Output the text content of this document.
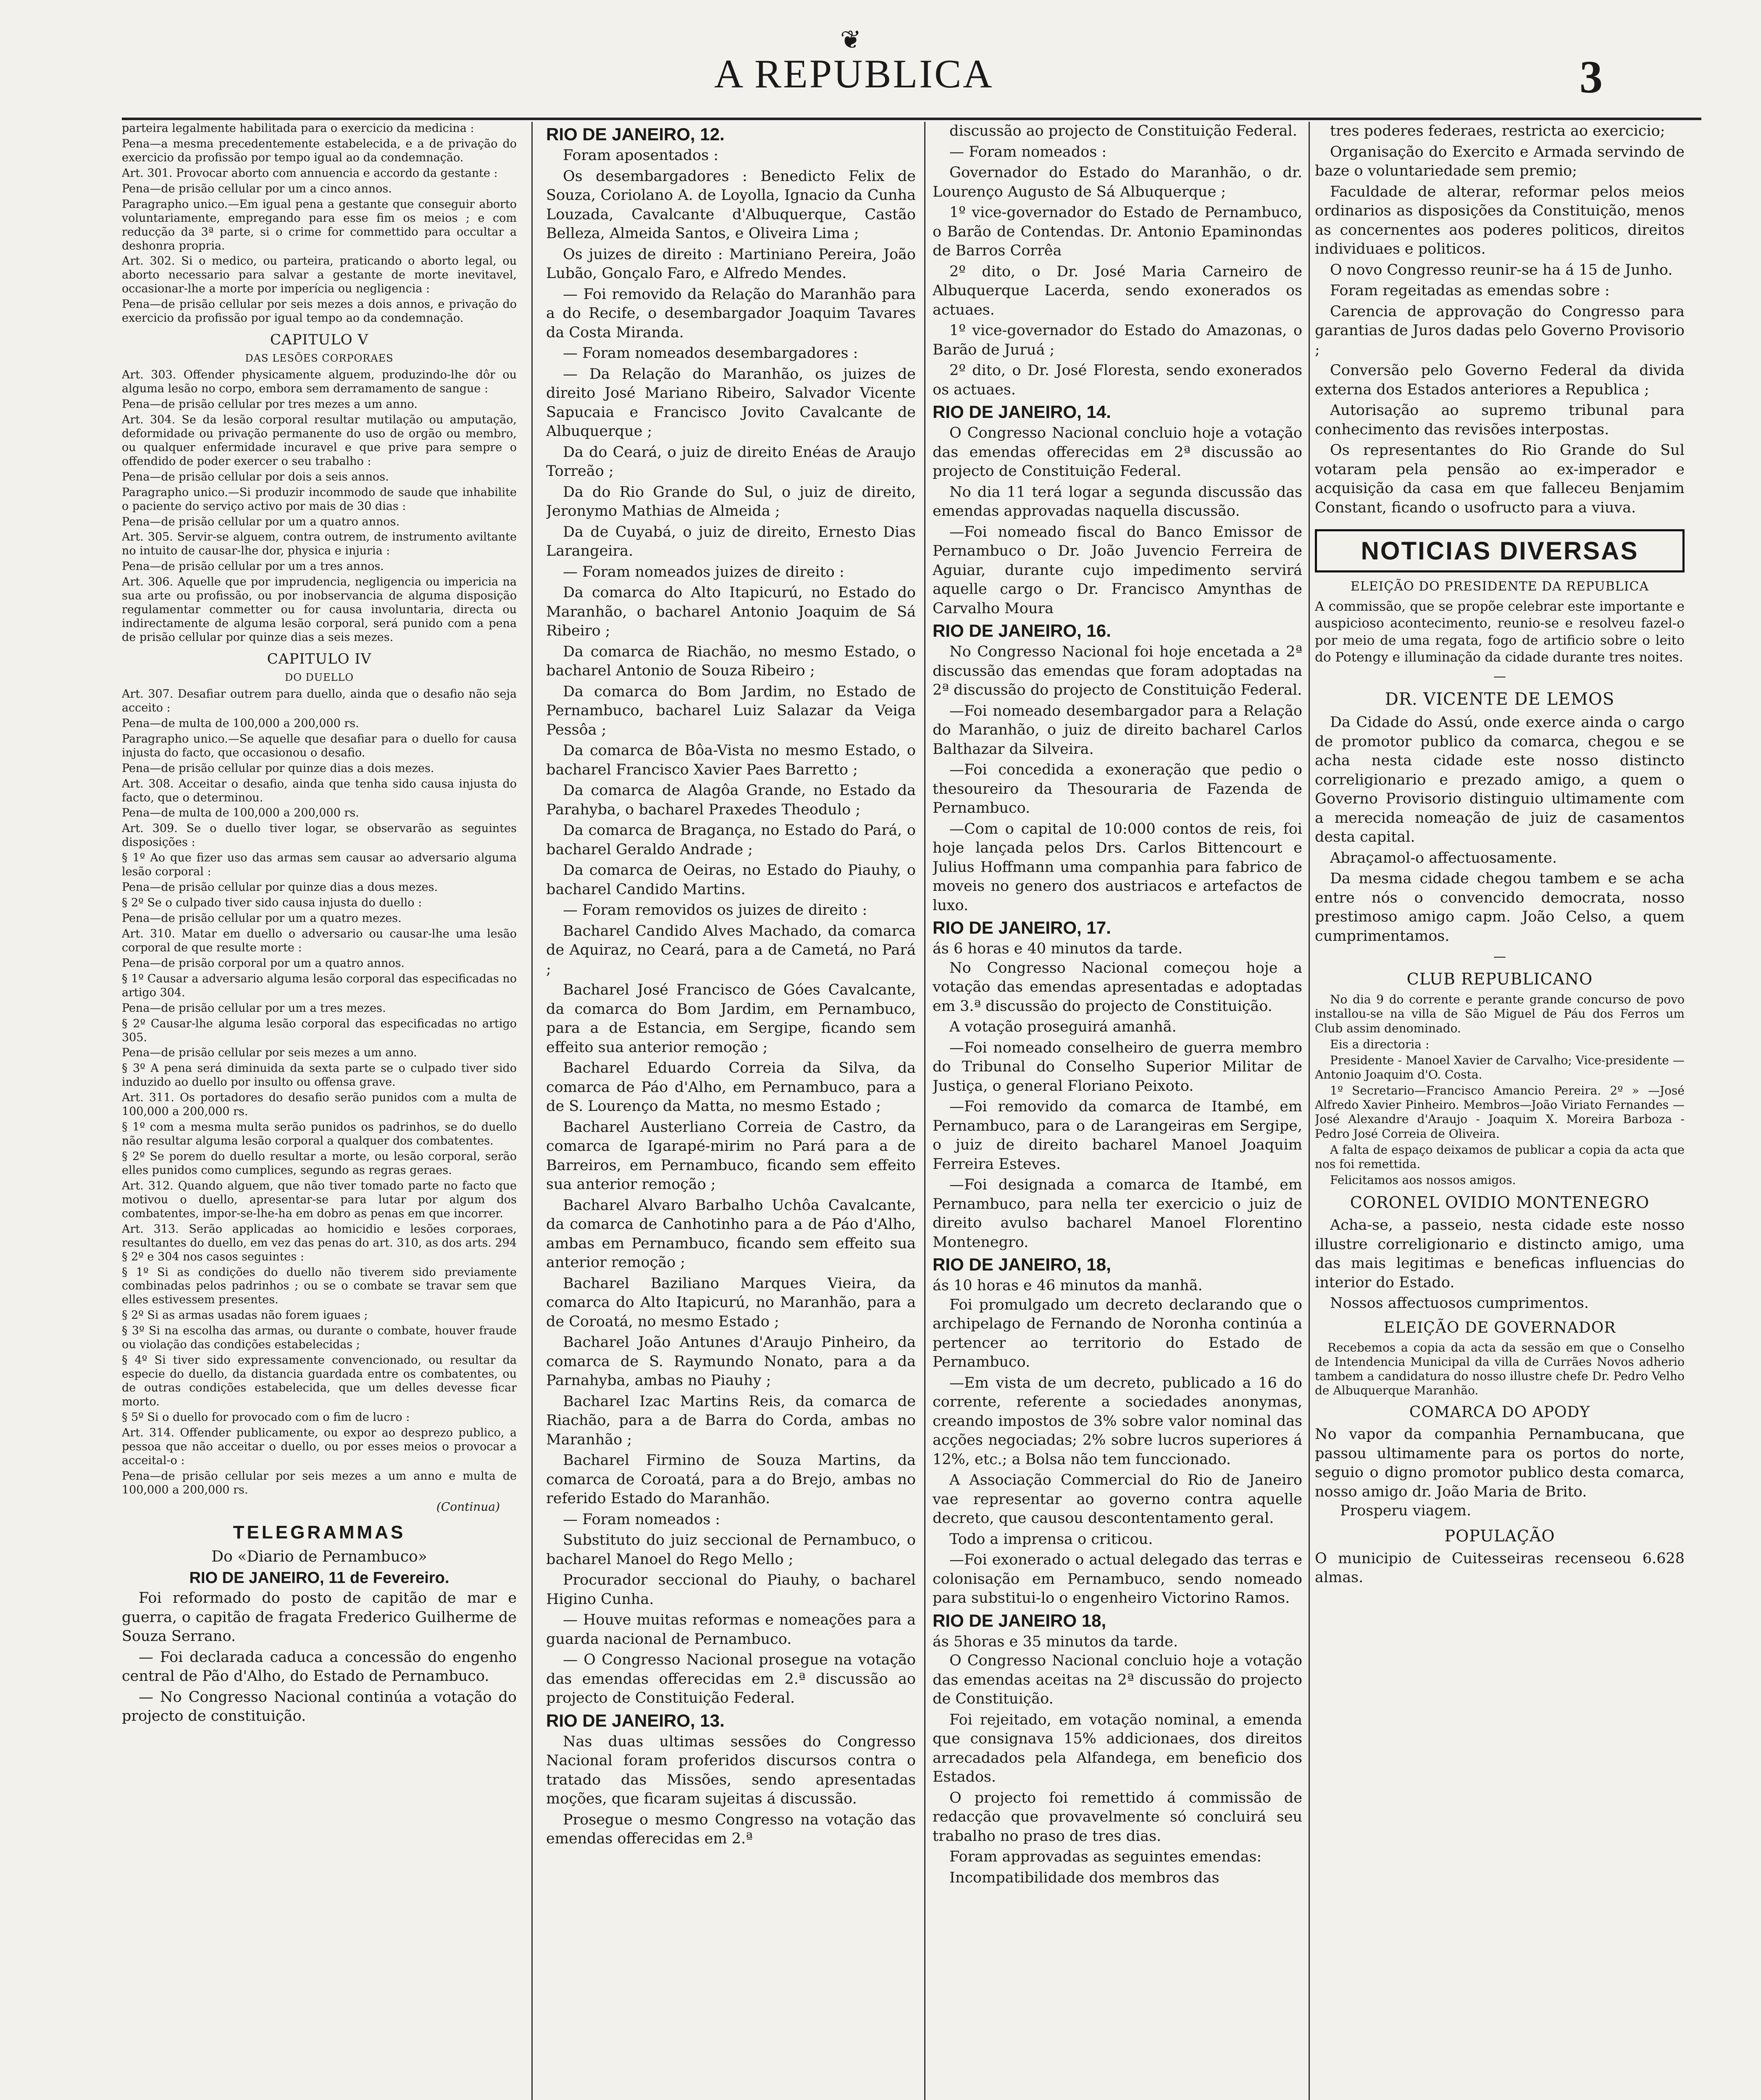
❦
A REPUBLICA	3

parteira legalmente habilitada para o exercicio da medicina :

Pena—a mesma precedentemente estabelecida, e a de privação do exercicio da profissão por tempo igual ao da condemnação.

Art. 301. Provocar aborto com annuencia e accordo da gestante :

Pena—de prisão cellular por um a cinco annos.

Paragrapho unico.—Em igual pena a gestante que conseguir aborto voluntariamente, empregando para esse fim os meios ; e com reducção da 3ª parte, si o crime for commettido para occultar a deshonra propria.

Art. 302. Si o medico, ou parteira, praticando o aborto legal, ou aborto necessario para salvar a gestante de morte inevitavel, occasionar-lhe a morte por imperícia ou negligencia :

Pena—de prisão cellular por seis mezes a dois annos, e privação do exercicio da profissão por igual tempo ao da condemnação.

CAPITULO V
DAS LESÕES CORPORAES

Art. 303. Offender physicamente alguem, produzindo-lhe dôr ou alguma lesão no corpo, embora sem derramamento de sangue :

Pena—de prisão cellular por tres mezes a um anno.

Art. 304. Se da lesão corporal resultar mutilação ou amputação, deformidade ou privação permanente do uso de orgão ou membro, ou qualquer enfermidade incuravel e que prive para sempre o offendido de poder exercer o seu trabalho :

Pena—de prisão cellular por dois a seis annos.

Paragrapho unico.—Si produzir incommodo de saude que inhabilite o paciente do serviço activo por mais de 30 dias :

Pena—de prisão cellular por um a quatro annos.

Art. 305. Servir-se alguem, contra outrem, de instrumento aviltante no intuito de causar-lhe dor, physica e injuria :

Pena—de prisão cellular por um a tres annos.

Art. 306. Aquelle que por imprudencia, negligencia ou impericia na sua arte ou profissão, ou por inobservancia de alguma disposição regulamentar commetter ou for causa involuntaria, directa ou indirectamente de alguma lesão corporal, será punido com a pena de prisão cellular por quinze dias a seis mezes.

CAPITULO IV
DO DUELLO

Art. 307. Desafiar outrem para duello, ainda que o desafio não seja acceito :

Pena—de multa de 100,000 a 200,000 rs.

Paragrapho unico.—Se aquelle que desafiar para o duello for causa injusta do facto, que occasionou o desafio.

Pena—de prisão cellular por quinze dias a dois mezes.

Art. 308. Acceitar o desafio, ainda que tenha sido causa injusta do facto, que o determinou.

Pena—de multa de 100,000 a 200,000 rs.

Art. 309. Se o duello tiver logar, se observarão as seguintes disposições :

§ 1º Ao que fizer uso das armas sem causar ao adversario alguma lesão corporal :

Pena—de prisão cellular por quinze dias a dous mezes.

§ 2º Se o culpado tiver sido causa injusta do duello :

Pena—de prisão cellular por um a quatro mezes.

Art. 310. Matar em duello o adversario ou causar-lhe uma lesão corporal de que resulte morte :

Pena—de prisão corporal por um a quatro annos.

§ 1º Causar a adversario alguma lesão corporal das especificadas no artigo 304.

Pena—de prisão cellular por um a tres mezes.

§ 2º Causar-lhe alguma lesão corporal das especificadas no artigo 305.

Pena—de prisão cellular por seis mezes a um anno.

§ 3º A pena será diminuida da sexta parte se o culpado tiver sido induzido ao duello por insulto ou offensa grave.

Art. 311. Os portadores do desafio serão punidos com a multa de 100,000 a 200,000 rs.

§ 1º com a mesma multa serão punidos os padrinhos, se do duello não resultar alguma lesão corporal a qualquer dos combatentes.

§ 2º Se porem do duello resultar a morte, ou lesão corporal, serão elles punidos como cumplices, segundo as regras geraes.

Art. 312. Quando alguem, que não tiver tomado parte no facto que motivou o duello, apresentar-se para lutar por algum dos combatentes, impor-se-lhe-ha em dobro as penas em que incorrer.

Art. 313. Serão applicadas ao homicidio e lesões corporaes, resultantes do duello, em vez das penas do art. 310, as dos arts. 294 § 2º e 304 nos casos seguintes :

§ 1º Si as condições do duello não tiverem sido previamente combinadas pelos padrinhos ; ou se o combate se travar sem que elles estivessem presentes.

§ 2º Si as armas usadas não forem iguaes ;

§ 3º Si na escolha das armas, ou durante o combate, houver fraude ou violação das condições estabelecidas ;

§ 4º Si tiver sido expressamente convencionado, ou resultar da especie do duello, da distancia guardada entre os combatentes, ou de outras condições estabelecida, que um delles devesse ficar morto.

§ 5º Si o duello for provocado com o fim de lucro :

Art. 314. Offender publicamente, ou expor ao desprezo publico, a pessoa que não acceitar o duello, ou por esses meios o provocar a acceital-o :

Pena—de prisão cellular por seis mezes a um anno e multa de 100,000 a 200,000 rs.

(Continua)
TELEGRAMMAS
Do «Diario de Pernambuco»
RIO DE JANEIRO, 11 de Fevereiro.

Foi reformado do posto de capitão de mar e guerra, o capitão de fragata Frederico Guilherme de Souza Serrano.

— Foi declarada caduca a concessão do engenho central de Pão d'Alho, do Estado de Pernambuco.

— No Congresso Nacional continúa a votação do projecto de constituição.

RIO DE JANEIRO, 12.

Foram aposentados :

Os desembargadores : Benedicto Felix de Souza, Coriolano A. de Loyolla, Ignacio da Cunha Louzada, Cavalcante d'Albuquerque, Castão Belleza, Almeida Santos, e Oliveira Lima ;

Os juizes de direito : Martiniano Pereira, João Lubão, Gonçalo Faro, e Alfredo Mendes.

— Foi removido da Relação do Maranhão para a do Recife, o desembargador Joaquim Tavares da Costa Miranda.

— Foram nomeados desembargadores :

— Da Relação do Maranhão, os juizes de direito José Mariano Ribeiro, Salvador Vicente Sapucaia e Francisco Jovito Cavalcante de Albuquerque ;

Da do Ceará, o juiz de direito Enéas de Araujo Torreão ;

Da do Rio Grande do Sul, o juiz de direito, Jeronymo Mathias de Almeida ;

Da de Cuyabá, o juiz de direito, Ernesto Dias Larangeira.

— Foram nomeados juizes de direito :

Da comarca do Alto Itapicurú, no Estado do Maranhão, o bacharel Antonio Joaquim de Sá Ribeiro ;

Da comarca de Riachão, no mesmo Estado, o bacharel Antonio de Souza Ribeiro ;

Da comarca do Bom Jardim, no Estado de Pernambuco, bacharel Luiz Salazar da Veiga Pessôa ;

Da comarca de Bôa-Vista no mesmo Estado, o bacharel Francisco Xavier Paes Barretto ;

Da comarca de Alagôa Grande, no Estado da Parahyba, o bacharel Praxedes Theodulo ;

Da comarca de Bragança, no Estado do Pará, o bacharel Geraldo Andrade ;

Da comarca de Oeiras, no Estado do Piauhy, o bacharel Candido Martins.

— Foram removidos os juizes de direito :

Bacharel Candido Alves Machado, da comarca de Aquiraz, no Ceará, para a de Cametá, no Pará ;

Bacharel José Francisco de Góes Cavalcante, da comarca do Bom Jardim, em Pernambuco, para a de Estancia, em Sergipe, ficando sem effeito sua anterior remoção ;

Bacharel Eduardo Correia da Silva, da comarca de Páo d'Alho, em Pernambuco, para a de S. Lourenço da Matta, no mesmo Estado ;

Bacharel Austerliano Correia de Castro, da comarca de Igarapé-mirim no Pará para a de Barreiros, em Pernambuco, ficando sem effeito sua anterior remoção ;

Bacharel Alvaro Barbalho Uchôa Cavalcante, da comarca de Canhotinho para a de Páo d'Alho, ambas em Pernambuco, ficando sem effeito sua anterior remoção ;

Bacharel Baziliano Marques Vieira, da comarca do Alto Itapicurú, no Maranhão, para a de Coroatá, no mesmo Estado ;

Bacharel João Antunes d'Araujo Pinheiro, da comarca de S. Raymundo Nonato, para a da Parnahyba, ambas no Piauhy ;

Bacharel Izac Martins Reis, da comarca de Riachão, para a de Barra do Corda, ambas no Maranhão ;

Bacharel Firmino de Souza Martins, da comarca de Coroatá, para a do Brejo, ambas no referido Estado do Maranhão.

— Foram nomeados :

Substituto do juiz seccional de Pernambuco, o bacharel Manoel do Rego Mello ;

Procurador seccional do Piauhy, o bacharel Higino Cunha.

— Houve muitas reformas e nomeações para a guarda nacional de Pernambuco.

— O Congresso Nacional prosegue na votação das emendas offerecidas em 2.ª discussão ao projecto de Constituição Federal.

RIO DE JANEIRO, 13.

Nas duas ultimas sessões do Congresso Nacional foram proferidos discursos contra o tratado das Missões, sendo apresentadas moções, que ficaram sujeitas á discussão.

Prosegue o mesmo Congresso na votação das emendas offerecidas em 2.ª

discussão ao projecto de Constituição Federal.

— Foram nomeados :

Governador do Estado do Maranhão, o dr. Lourenço Augusto de Sá Albuquerque ;

1º vice-governador do Estado de Pernambuco, o Barão de Contendas. Dr. Antonio Epaminondas de Barros Corrêa

2º dito, o Dr. José Maria Carneiro de Albuquerque Lacerda, sendo exonerados os actuaes.

1º vice-governador do Estado do Amazonas, o Barão de Juruá ;

2º dito, o Dr. José Floresta, sendo exonerados os actuaes.

RIO DE JANEIRO, 14.

O Congresso Nacional concluio hoje a votação das emendas offerecidas em 2ª discussão ao projecto de Constituição Federal.

No dia 11 terá logar a segunda discussão das emendas approvadas naquella discussão.

—Foi nomeado fiscal do Banco Emissor de Pernambuco o Dr. João Juvencio Ferreira de Aguiar, durante cujo impedimento servirá aquelle cargo o Dr. Francisco Amynthas de Carvalho Moura

RIO DE JANEIRO, 16.

No Congresso Nacional foi hoje encetada a 2ª discussão das emendas que foram adoptadas na 2ª discussão do projecto de Constituição Federal.

—Foi nomeado desembargador para a Relação do Maranhão, o juiz de direito bacharel Carlos Balthazar da Silveira.

—Foi concedida a exoneração que pedio o thesoureiro da Thesouraria de Fazenda de Pernambuco.

—Com o capital de 10:000 contos de reis, foi hoje lançada pelos Drs. Carlos Bittencourt e Julius Hoffmann uma companhia para fabrico de moveis no genero dos austriacos e artefactos de luxo.

RIO DE JANEIRO, 17.
ás 6 horas e 40 minutos da tarde.

No Congresso Nacional começou hoje a votação das emendas apresentadas e adoptadas em 3.ª discussão do projecto de Constituição.

A votação proseguirá amanhã.

—Foi nomeado conselheiro de guerra membro do Tribunal do Conselho Superior Militar de Justiça, o general Floriano Peixoto.

—Foi removido da comarca de Itambé, em Pernambuco, para o de Larangeiras em Sergipe, o juiz de direito bacharel Manoel Joaquim Ferreira Esteves.

—Foi designada a comarca de Itambé, em Pernambuco, para nella ter exercicio o juiz de direito avulso bacharel Manoel Florentino Montenegro.

RIO DE JANEIRO, 18,
ás 10 horas e 46 minutos da manhã.

Foi promulgado um decreto declarando que o archipelago de Fernando de Noronha continúa a pertencer ao territorio do Estado de Pernambuco.

—Em vista de um decreto, publicado a 16 do corrente, referente a sociedades anonymas, creando impostos de 3% sobre valor nominal das acções negociadas; 2% sobre lucros superiores á 12%, etc.; a Bolsa não tem funccionado.

A Associação Commercial do Rio de Janeiro vae representar ao governo contra aquelle decreto, que causou descontentamento geral.

Todo a imprensa o criticou.

—Foi exonerado o actual delegado das terras e colonisação em Pernambuco, sendo nomeado para substitui-lo o engenheiro Victorino Ramos.

RIO DE JANEIRO 18,
ás 5horas e 35 minutos da tarde.

O Congresso Nacional concluio hoje a votação das emendas aceitas na 2ª discussão do projecto de Constituição.

Foi rejeitado, em votação nominal, a emenda que consignava 15% addicionaes, dos direitos arrecadados pela Alfandega, em beneficio dos Estados.

O projecto foi remettido á commissão de redacção que provavelmente só concluirá seu trabalho no praso de tres dias.

Foram approvadas as seguintes emendas:

Incompatibilidade dos membros das

tres poderes federaes, restricta ao exercicio;

Organisação do Exercito e Armada servindo de baze o voluntariedade sem premio;

Faculdade de alterar, reformar pelos meios ordinarios as disposições da Constituição, menos as concernentes aos poderes politicos, direitos individuaes e politicos.

O novo Congresso reunir-se ha á 15 de Junho.

Foram regeitadas as emendas sobre :

Carencia de approvação do Congresso para garantias de Juros dadas pelo Governo Provisorio ;

Conversão pelo Governo Federal da divida externa dos Estados anteriores a Republica ;

Autorisação ao supremo tribunal para conhecimento das revisões interpostas.

Os representantes do Rio Grande do Sul votaram pela pensão ao ex-imperador e acquisição da casa em que falleceu Benjamim Constant, ficando o usofructo para a viuva.

NOTICIAS DIVERSAS
ELEIÇÃO DO PRESIDENTE DA REPUBLICA
A commissão, que se propõe celebrar este importante e auspicioso acontecimento, reunio-se e resolveu fazel-o por meio de uma regata, fogo de artificio sobre o leito do Potengy e illuminação da cidade durante tres noites.
—
DR. VICENTE DE LEMOS

Da Cidade do Assú, onde exerce ainda o cargo de promotor publico da comarca, chegou e se acha nesta cidade este nosso distincto correligionario e prezado amigo, a quem o Governo Provisorio distinguio ultimamente com a merecida nomeação de juiz de casamentos desta capital.

Abraçamol-o affectuosamente.

Da mesma cidade chegou tambem e se acha entre nós o convencido democrata, nosso prestimoso amigo capm. João Celso, a quem cumprimentamos.

—
CLUB REPUBLICANO

No dia 9 do corrente e perante grande concurso de povo installou-se na villa de São Miguel de Páu dos Ferros um Club assim denominado.

Eis a directoria :

Presidente - Manoel Xavier de Carvalho; Vice-presidente — Antonio Joaquim d'O. Costa.

1º Secretario—Francisco Amancio Pereira. 2º » —José Alfredo Xavier Pinheiro. Membros—João Viriato Fernandes — José Alexandre d'Araujo - Joaquim X. Moreira Barboza - Pedro José Correia de Oliveira.

A falta de espaço deixamos de publicar a copia da acta que nos foi remettida.

Felicitamos aos nossos amigos.

CORONEL OVIDIO MONTENEGRO

Acha-se, a passeio, nesta cidade este nosso illustre correligionario e distincto amigo, uma das mais legitimas e beneficas influencias do interior do Estado.

Nossos affectuosos cumprimentos.

ELEIÇÃO DE GOVERNADOR
Recebemos a copia da acta da sessão em que o Conselho de Intendencia Municipal da villa de Currães Novos adherio tambem a candidatura do nosso illustre chefe Dr. Pedro Velho de Albuquerque Maranhão.
COMARCA DO APODY
No vapor da companhia Pernambucana, que passou ultimamente para os portos do norte, seguio o digno promotor publico desta comarca, nosso amigo dr. João Maria de Brito.
Prosperu viagem.
POPULAÇÃO
O municipio de Cuitesseiras recenseou 6.628 almas.
